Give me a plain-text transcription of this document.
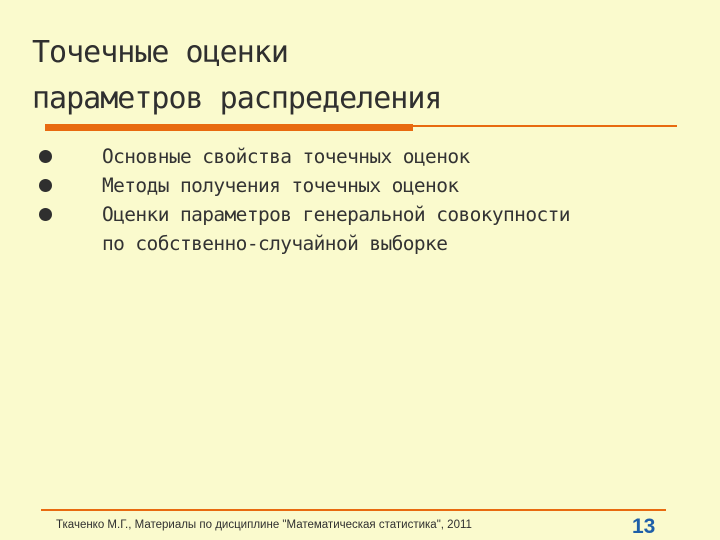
Точечные оценки
параметров распределения
Основные свойства точечных оценок
Методы получения точечных оценок
Оценки параметров генеральной совокупности
по собственно-случайной выборке
Ткаченко М.Г., Материалы по дисциплине "Математическая статистика", 2011	13
